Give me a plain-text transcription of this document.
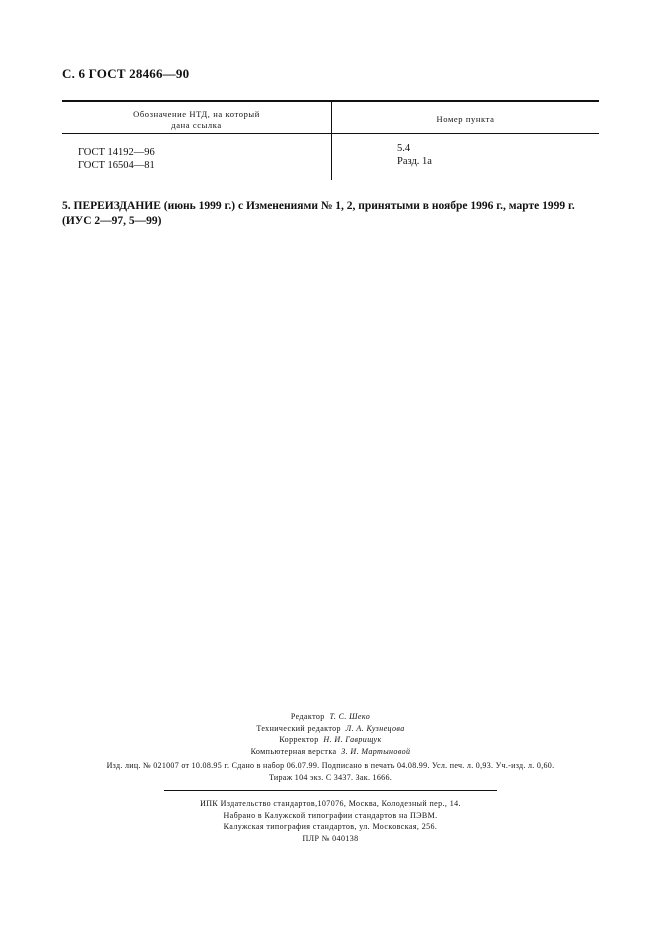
С. 6 ГОСТ 28466—90
Обозначение НТД, на который
дана ссылка
Номер пункта
ГОСТ 14192—96
ГОСТ 16504—81
5.4
Разд. 1а
5. ПЕРЕИЗДАНИЕ (июнь 1999 г.) с Изменениями № 1, 2, принятыми в ноябре 1996 г., марте 1999 г. (ИУС 2—97, 5—99)
Редактор Т. С. Шеко
Технический редактор Л. А. Кузнецова
Корректор Н. И. Гаврищук
Компьютерная верстка З. И. Мартыновой
Изд. лиц. № 021007 от 10.08.95 г. Сдано в набор 06.07.99. Подписано в печать 04.08.99. Усл. печ. л. 0,93. Уч.-изд. л. 0,60.
Тираж 104 экз. С 3437. Зак. 1666.
ИПК Издательство стандартов,107076, Москва, Колодезный пер., 14.
Набрано в Калужской типографии стандартов на ПЭВМ.
Калужская типография стандартов, ул. Московская, 256.
ПЛР № 040138
